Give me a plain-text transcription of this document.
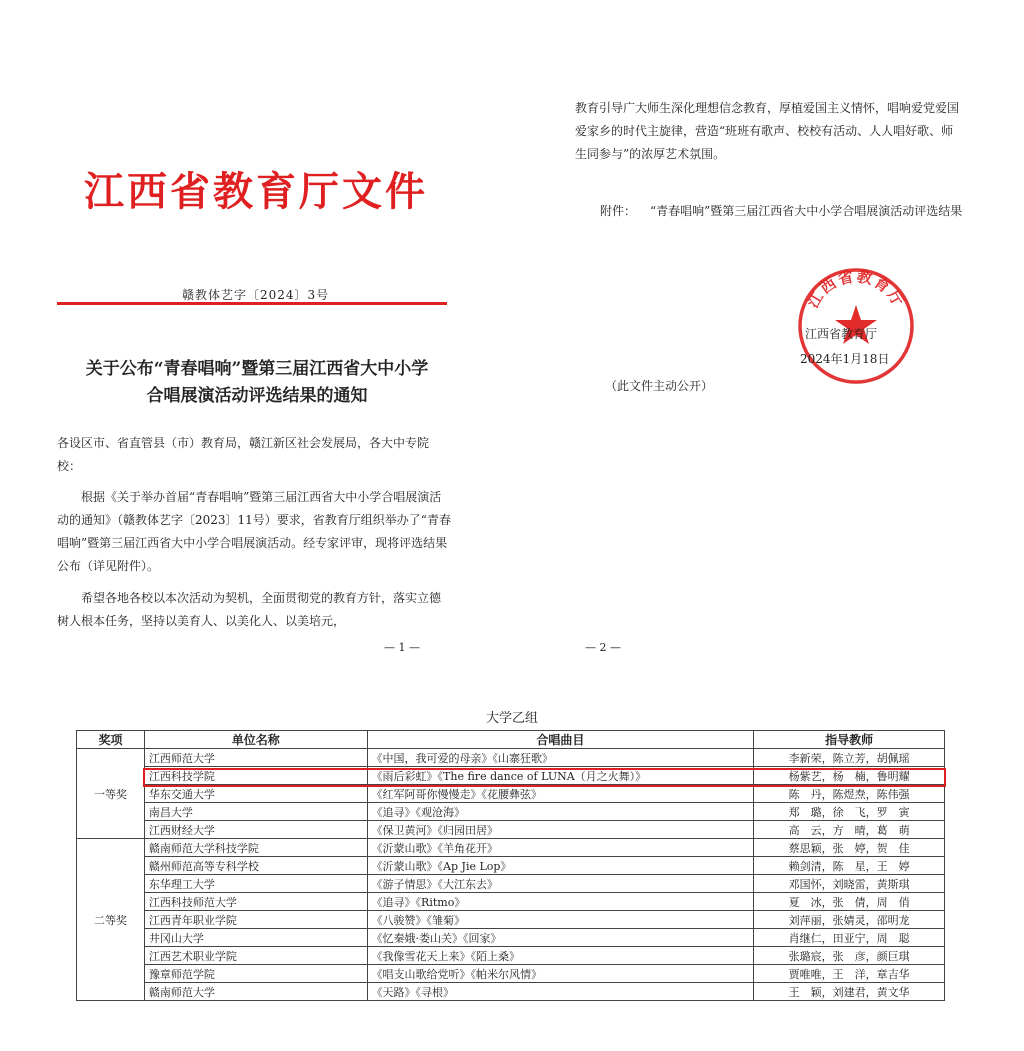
江西省教育厅文件
赣教体艺字〔2024〕3号
关于公布“青春唱响”暨第三届江西省大中小学
合唱展演活动评选结果的通知
各设区市、省直管县（市）教育局，赣江新区社会发展局，各大中专院校：
根据《关于举办首届“青春唱响”暨第三届江西省大中小学合唱展演活动的通知》（赣教体艺字〔2023〕11号）要求，省教育厅组织举办了“青春唱响”暨第三届江西省大中小学合唱展演活动。经专家评审，现将评选结果公布（详见附件）。
希望各地各校以本次活动为契机，全面贯彻党的教育方针，落实立德树人根本任务，坚持以美育人、以美化人、以美培元，
— 1 —
教育引导广大师生深化理想信念教育，厚植爱国主义情怀，唱响爱党爱国爱家乡的时代主旋律，营造“班班有歌声、校校有活动、人人唱好歌、师生同参与”的浓厚艺术氛围。
附件： “青春唱响”暨第三届江西省大中小学合唱展演活动评选结果
江西省教育厅
江西省教育厅
2024年1月18日
（此文件主动公开）
— 2 —
大学乙组
奖项	单位名称	合唱曲目	指导教师
一等奖	江西师范大学	《中国，我可爱的母亲》《山寨狂歌》	李新荣，陈立芳，胡佩瑶
	江西科技学院	《雨后彩虹》《The fire dance of LUNA（月之火舞）》	杨紫艺，杨　楠，鲁明耀
	华东交通大学	《红军阿哥你慢慢走》《花腰彝弦》	陈　丹，陈煜焘，陈伟强
	南昌大学	《追寻》《观沧海》	郑　璐，徐　飞，罗　寅
	江西财经大学	《保卫黄河》《归园田居》	高　云，方　晴，葛　萌
二等奖	赣南师范大学科技学院	《沂蒙山歌》《羊角花开》	蔡思颖，张　婷，贺　佳
	赣州师范高等专科学校	《沂蒙山歌》《Ap Jie Lop》	赖剑清，陈　星，王　婷
	东华理工大学	《游子情思》《大江东去》	邓国怀，刘晓雷，黄斯琪
	江西科技师范大学	《追寻》《Ritmo》	夏　冰，张　倩，周　俏
	江西青年职业学院	《八骏赞》《雏菊》	刘萍丽，张婧灵，邵明龙
	井冈山大学	《忆秦娥·娄山关》《回家》	肖继仁，田亚宁，周　聪
	江西艺术职业学院	《我像雪花天上来》《陌上桑》	张璐宸，张　彦，颜巨琪
	豫章师范学院	《唱支山歌给党听》《帕米尔风情》	贾唯唯，王　洋，章吉华
	赣南师范大学	《天路》《寻根》	王　颖，刘建君，黄文华
